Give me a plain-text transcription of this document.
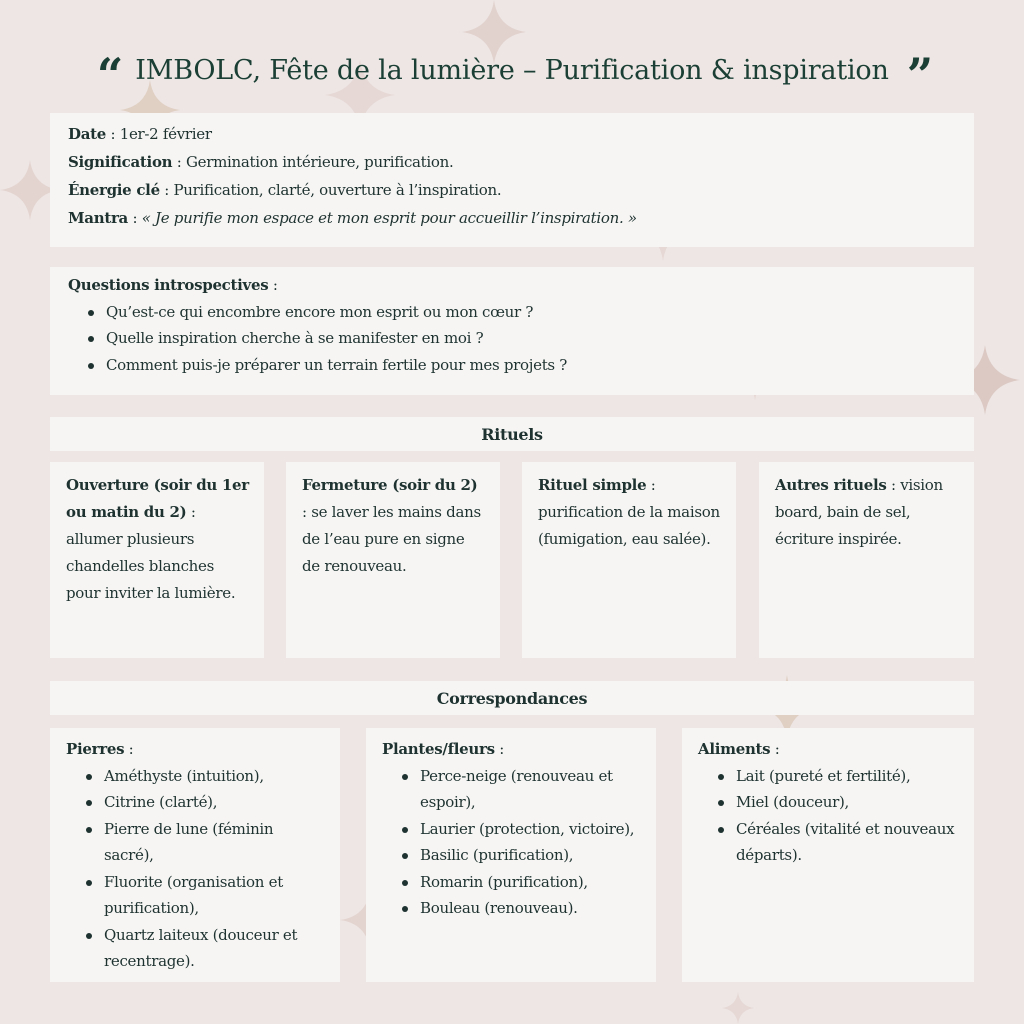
“ IMBOLC, Fête de la lumière – Purification & inspiration ”
Date : 1er-2 février
Signification : Germination intérieure, purification.
Énergie clé : Purification, clarté, ouverture à l’inspiration.
Mantra : « Je purifie mon espace et mon esprit pour accueillir l’inspiration. »
Questions introspectives :
Qu’est-ce qui encombre encore mon esprit ou mon cœur ?
Quelle inspiration cherche à se manifester en moi ?
Comment puis-je préparer un terrain fertile pour mes projets ?
Rituels
Ouverture (soir du 1er ou matin du 2) : allumer plusieurs chandelles blanches pour inviter la lumière.
Fermeture (soir du 2) : se laver les mains dans de l’eau pure en signe de renouveau.
Rituel simple : purification de la maison (fumigation, eau salée).
Autres rituels : vision board, bain de sel, écriture inspirée.
Correspondances
Pierres :
Améthyste (intuition),
Citrine (clarté),
Pierre de lune (féminin sacré),
Fluorite (organisation et purification),
Quartz laiteux (douceur et recentrage).
Plantes/fleurs :
Perce-neige (renouveau et espoir),
Laurier (protection, victoire),
Basilic (purification),
Romarin (purification),
Bouleau (renouveau).
Aliments :
Lait (pureté et fertilité),
Miel (douceur),
Céréales (vitalité et nouveaux départs).
